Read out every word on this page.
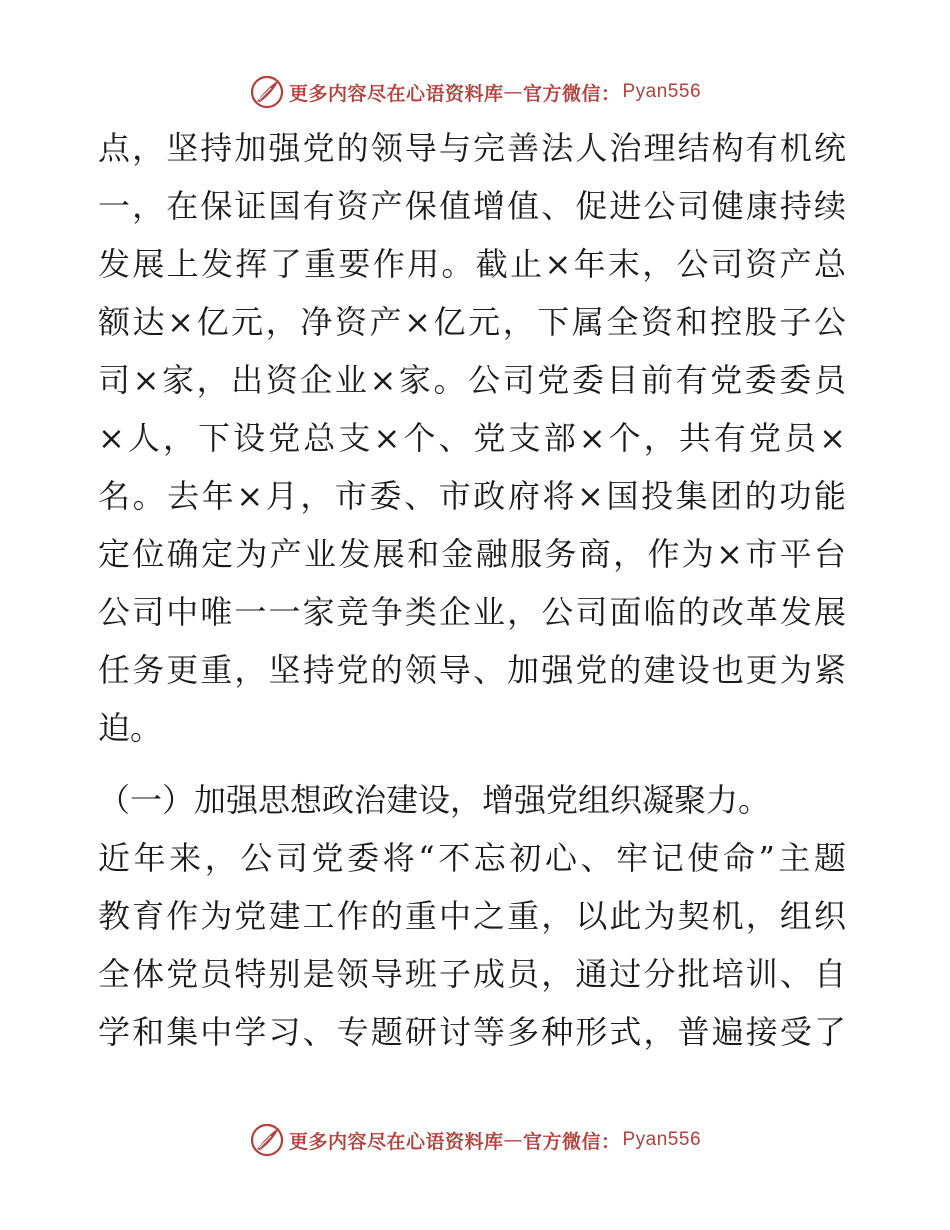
更多内容尽在心语资料库 — 官方微信： Pyan556
点，坚持加强党的领导与完善法人治理结构有机统
一，在保证国有资产保值增值、促进公司健康持续
发展上发挥了重要作用。截止×年末，公司资产总
额达×亿元，净资产×亿元，下属全资和控股子公
司×家，出资企业×家。公司党委目前有党委委员
×人，下设党总支×个、党支部×个，共有党员×
名。去年×月，市委、市政府将×国投集团的功能
定位确定为产业发展和金融服务商，作为×市平台
公司中唯一一家竞争类企业，公司面临的改革发展
任务更重，坚持党的领导、加强党的建设也更为紧
迫。
（一）加强思想政治建设，增强党组织凝聚力。
近年来，公司党委将“不忘初心、牢记使命”主题
教育作为党建工作的重中之重，以此为契机，组织
全体党员特别是领导班子成员，通过分批培训、自
学和集中学习、专题研讨等多种形式，普遍接受了
更多内容尽在心语资料库 — 官方微信： Pyan556
